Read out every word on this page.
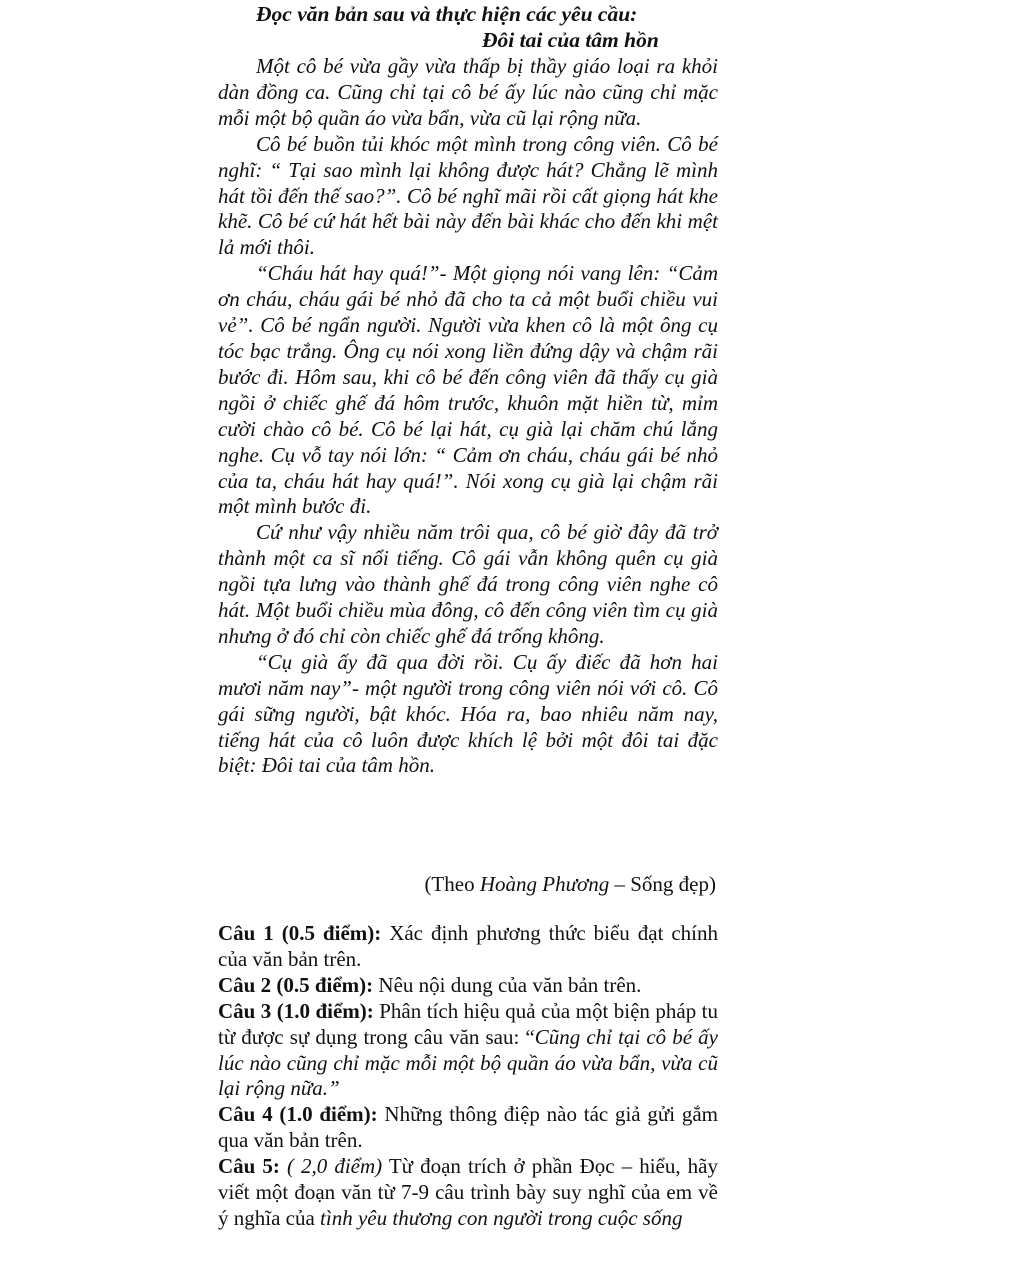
Đọc văn bản sau và thực hiện các yêu cầu:

Đôi tai của tâm hồn

Một cô bé vừa gầy vừa thấp bị thầy giáo loại ra khỏi dàn đồng ca. Cũng chỉ tại cô bé ấy lúc nào cũng chỉ mặc mỗi một bộ quần áo vừa bẩn, vừa cũ lại rộng nữa.

Cô bé buồn tủi khóc một mình trong công viên. Cô bé nghĩ: “ Tại sao mình lại không được hát? Chẳng lẽ mình hát tồi đến thế sao?”. Cô bé nghĩ mãi rồi cất giọng hát khe khẽ. Cô bé cứ hát hết bài này đến bài khác cho đến khi mệt lả mới thôi.

“Cháu hát hay quá!”- Một giọng nói vang lên: “Cảm ơn cháu, cháu gái bé nhỏ đã cho ta cả một buổi chiều vui vẻ”. Cô bé ngẩn người. Người vừa khen cô là một ông cụ tóc bạc trắng. Ông cụ nói xong liền đứng dậy và chậm rãi bước đi. Hôm sau, khi cô bé đến công viên đã thấy cụ già ngồi ở chiếc ghế đá hôm trước, khuôn mặt hiền từ, mỉm cười chào cô bé. Cô bé lại hát, cụ già lại chăm chú lắng nghe. Cụ vỗ tay nói lớn: “ Cảm ơn cháu, cháu gái bé nhỏ của ta, cháu hát hay quá!”. Nói xong cụ già lại chậm rãi một mình bước đi.

Cứ như vậy nhiều năm trôi qua, cô bé giờ đây đã trở thành một ca sĩ nổi tiếng. Cô gái vẫn không quên cụ già ngồi tựa lưng vào thành ghế đá trong công viên nghe cô hát. Một buổi chiều mùa đông, cô đến công viên tìm cụ già nhưng ở đó chỉ còn chiếc ghế đá trống không.

“Cụ già ấy đã qua đời rồi. Cụ ấy điếc đã hơn hai mươi năm nay”- một người trong công viên nói với cô. Cô gái sững người, bật khóc. Hóa ra, bao nhiêu năm nay, tiếng hát của cô luôn được khích lệ bởi một đôi tai đặc biệt: Đôi tai của tâm hồn.

(Theo Hoàng Phương – Sống đẹp)

Câu 1 (0.5 điểm): Xác định phương thức biểu đạt chính của văn bản trên.

Câu 2 (0.5 điểm): Nêu nội dung của văn bản trên.

Câu 3 (1.0 điểm): Phân tích hiệu quả của một biện pháp tu từ được sự dụng trong câu văn sau: “Cũng chỉ tại cô bé ấy lúc nào cũng chỉ mặc mỗi một bộ quần áo vừa bẩn, vừa cũ lại rộng nữa.”

Câu 4 (1.0 điểm): Những thông điệp nào tác giả gửi gắm qua văn bản trên.

Câu 5: ( 2,0 điểm) Từ đoạn trích ở phần Đọc – hiểu, hãy viết một đoạn văn từ 7-9 câu trình bày suy nghĩ của em về ý nghĩa của tình yêu thương con người trong cuộc sống
